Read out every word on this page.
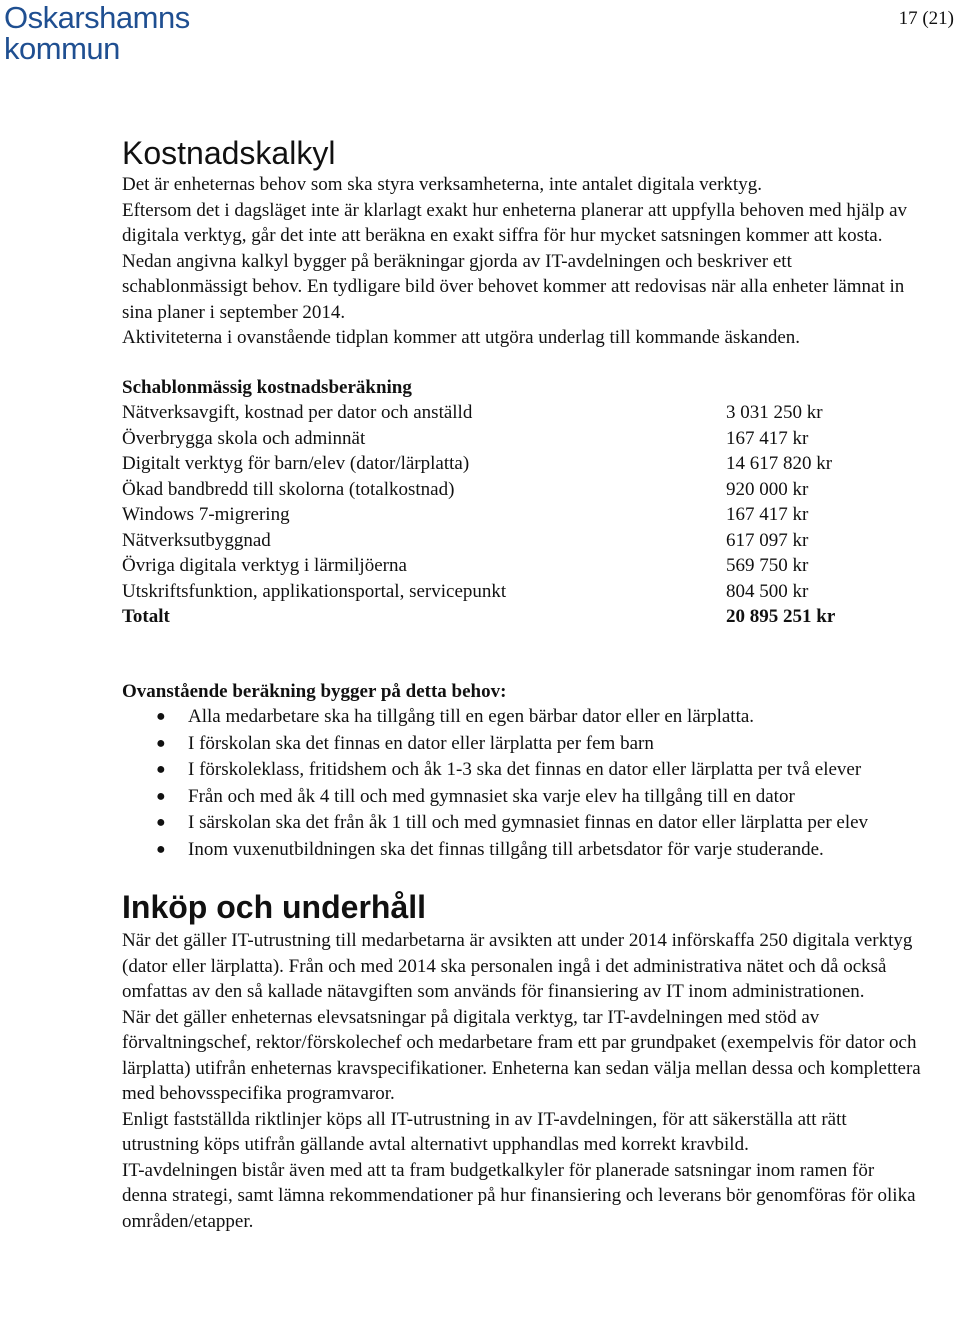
Oskarshamns
kommun
17 (21)
Kostnadskalkyl

Det är enheternas behov som ska styra verksamheterna, inte antalet digitala verktyg.

Eftersom det i dagsläget inte är klarlagt exakt hur enheterna planerar att uppfylla behoven med hjälp av digitala verktyg, går det inte att beräkna en exakt siffra för hur mycket satsningen kommer att kosta. Nedan angivna kalkyl bygger på beräkningar gjorda av IT-avdelningen och beskriver ett schablonmässigt behov. En tydligare bild över behovet kommer att redovisas när alla enheter lämnat in sina planer i september 2014.

Aktiviteterna i ovanstående tidplan kommer att utgöra underlag till kommande äskanden.

Schablonmässig kostnadsberäkning
Nätverksavgift, kostnad per dator och anställd	3 031 250 kr
Överbrygga skola och adminnät	167 417 kr
Digitalt verktyg för barn/elev (dator/lärplatta)	14 617 820 kr
Ökad bandbredd till skolorna (totalkostnad)	920 000 kr
Windows 7-migrering	167 417 kr
Nätverksutbyggnad	617 097 kr
Övriga digitala verktyg i lärmiljöerna	569 750 kr
Utskriftsfunktion, applikationsportal, servicepunkt	804 500 kr
Totalt	20 895 251 kr
Ovanstående beräkning bygger på detta behov:
● Alla medarbetare ska ha tillgång till en egen bärbar dator eller en lärplatta.
● I förskolan ska det finnas en dator eller lärplatta per fem barn
● I förskoleklass, fritidshem och åk 1-3 ska det finnas en dator eller lärplatta per två elever
● Från och med åk 4 till och med gymnasiet ska varje elev ha tillgång till en dator
● I särskolan ska det från åk 1 till och med gymnasiet finnas en dator eller lärplatta per elev
● Inom vuxenutbildningen ska det finnas tillgång till arbetsdator för varje studerande.
Inköp och underhåll

När det gäller IT-utrustning till medarbetarna är avsikten att under 2014 införskaffa 250 digitala verktyg (dator eller lärplatta). Från och med 2014 ska personalen ingå i det administrativa nätet och då också omfattas av den så kallade nätavgiften som används för finansiering av IT inom administrationen.

När det gäller enheternas elevsatsningar på digitala verktyg, tar IT-avdelningen med stöd av förvaltningschef, rektor/förskolechef och medarbetare fram ett par grundpaket (exempelvis för dator och lärplatta) utifrån enheternas kravspecifikationer. Enheterna kan sedan välja mellan dessa och komplettera med behovsspecifika programvaror.

Enligt fastställda riktlinjer köps all IT-utrustning in av IT-avdelningen, för att säkerställa att rätt utrustning köps utifrån gällande avtal alternativt upphandlas med korrekt kravbild.

IT-avdelningen bistår även med att ta fram budgetkalkyler för planerade satsningar inom ramen för denna strategi, samt lämna rekommendationer på hur finansiering och leverans bör genomföras för olika områden/etapper.
